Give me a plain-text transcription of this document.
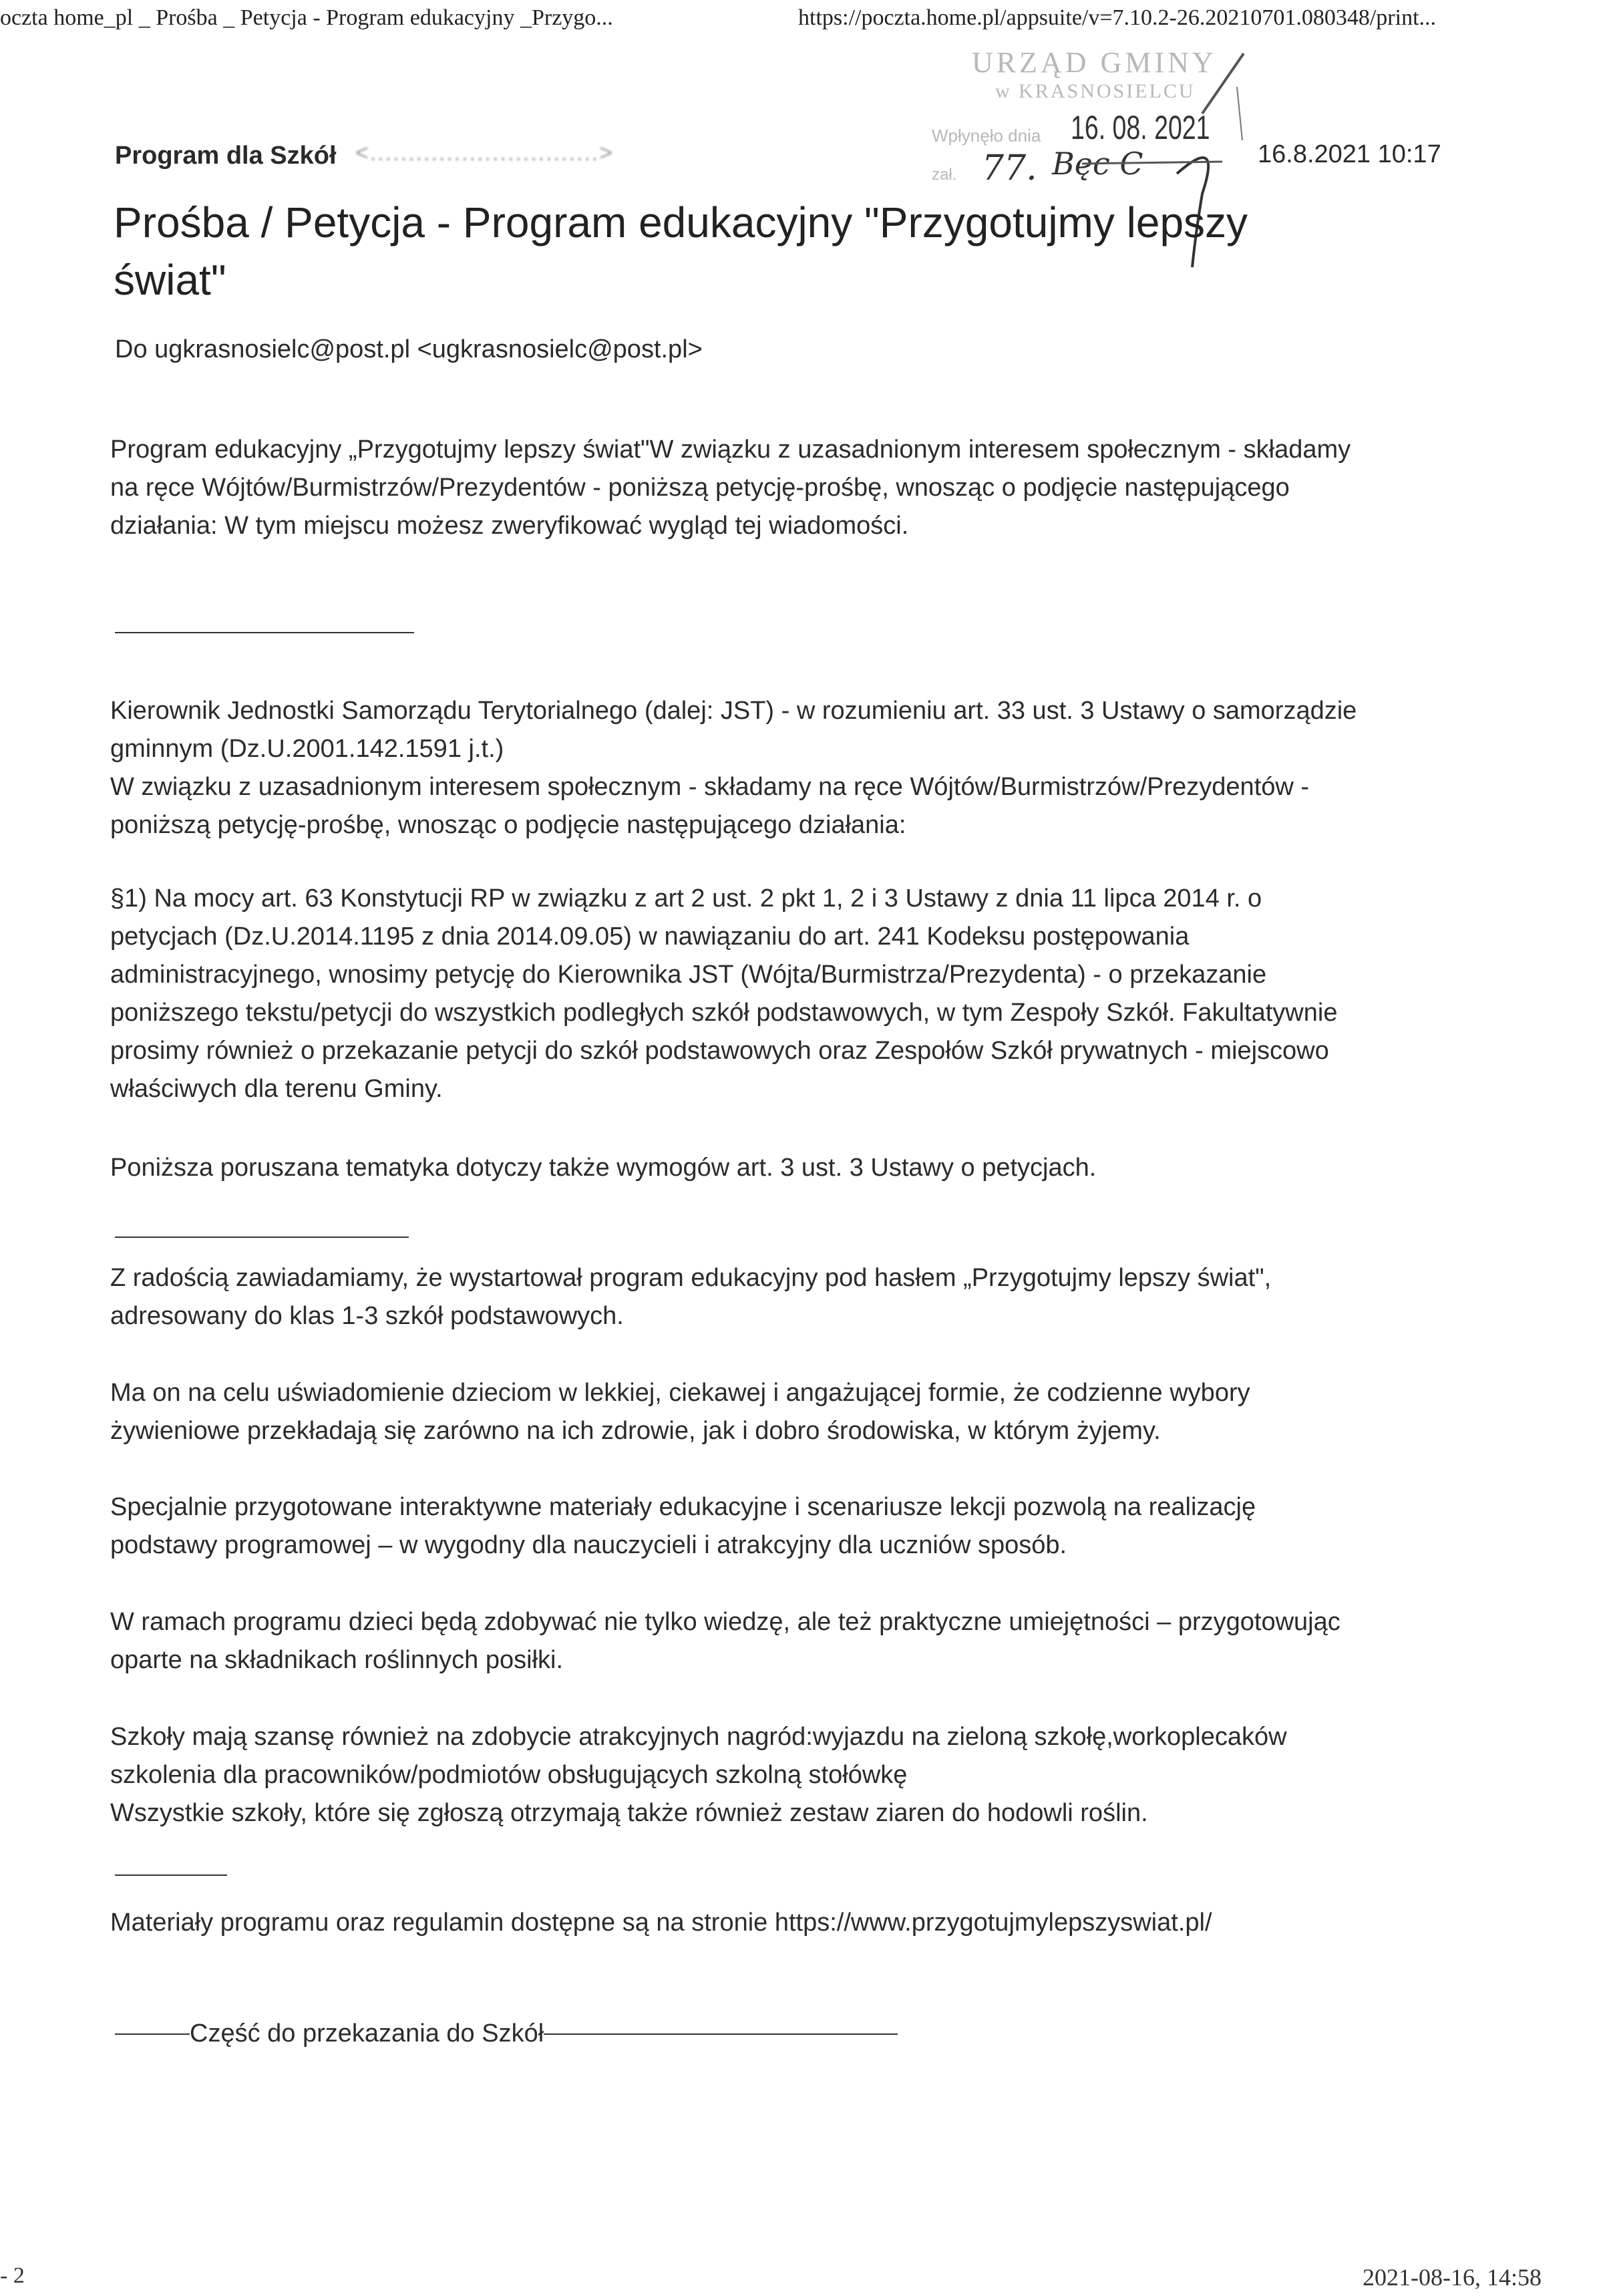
oczta home_pl _ Prośba _ Petycja - Program edukacyjny _Przygo...	https://poczta.home.pl/appsuite/v=7.10.2-26.20210701.080348/print...
URZĄD GMINY
w KRASNOSIELCU
Wpłynęło dnia 16. 08. 2021
zał. 77. Bęc C
Program dla Szkół <..............................>	16.8.2021 10:17
Prośba / Petycja - Program edukacyjny "Przygotujmy lepszy
świat"
Do ugkrasnosielc@post.pl <ugkrasnosielc@post.pl>

Program edukacyjny „Przygotujmy lepszy świat"W związku z uzasadnionym interesem społecznym - składamy

na ręce Wójtów/Burmistrzów/Prezydentów - poniższą petycję-prośbę, wnosząc o podjęcie następującego

działania: W tym miejscu możesz zweryfikować wygląd tej wiadomości.

Kierownik Jednostki Samorządu Terytorialnego (dalej: JST) - w rozumieniu art. 33 ust. 3 Ustawy o samorządzie

gminnym (Dz.U.2001.142.1591 j.t.)

W związku z uzasadnionym interesem społecznym - składamy na ręce Wójtów/Burmistrzów/Prezydentów -

poniższą petycję-prośbę, wnosząc o podjęcie następującego działania:

§1) Na mocy art. 63 Konstytucji RP w związku z art 2 ust. 2 pkt 1, 2 i 3 Ustawy z dnia 11 lipca 2014 r. o

petycjach (Dz.U.2014.1195 z dnia 2014.09.05) w nawiązaniu do art. 241 Kodeksu postępowania

administracyjnego, wnosimy petycję do Kierownika JST (Wójta/Burmistrza/Prezydenta) - o przekazanie

poniższego tekstu/petycji do wszystkich podległych szkół podstawowych, w tym Zespoły Szkół. Fakultatywnie

prosimy również o przekazanie petycji do szkół podstawowych oraz Zespołów Szkół prywatnych - miejscowo

właściwych dla terenu Gminy.

Poniższa poruszana tematyka dotyczy także wymogów art. 3 ust. 3 Ustawy o petycjach.

Z radością zawiadamiamy, że wystartował program edukacyjny pod hasłem „Przygotujmy lepszy świat",

adresowany do klas 1-3 szkół podstawowych.

Ma on na celu uświadomienie dzieciom w lekkiej, ciekawej i angażującej formie, że codzienne wybory

żywieniowe przekładają się zarówno na ich zdrowie, jak i dobro środowiska, w którym żyjemy.

Specjalnie przygotowane interaktywne materiały edukacyjne i scenariusze lekcji pozwolą na realizację

podstawy programowej – w wygodny dla nauczycieli i atrakcyjny dla uczniów sposób.

W ramach programu dzieci będą zdobywać nie tylko wiedzę, ale też praktyczne umiejętności – przygotowując

oparte na składnikach roślinnych posiłki.

Szkoły mają szansę również na zdobycie atrakcyjnych nagród:wyjazdu na zieloną szkołę,workoplecaków

szkolenia dla pracowników/podmiotów obsługujących szkolną stołówkę

Wszystkie szkoły, które się zgłoszą otrzymają także również zestaw ziaren do hodowli roślin.

Materiały programu oraz regulamin dostępne są na stronie https://www.przygotujmylepszyswiat.pl/

Część do przekazania do Szkół
- 2	2021-08-16, 14:58
